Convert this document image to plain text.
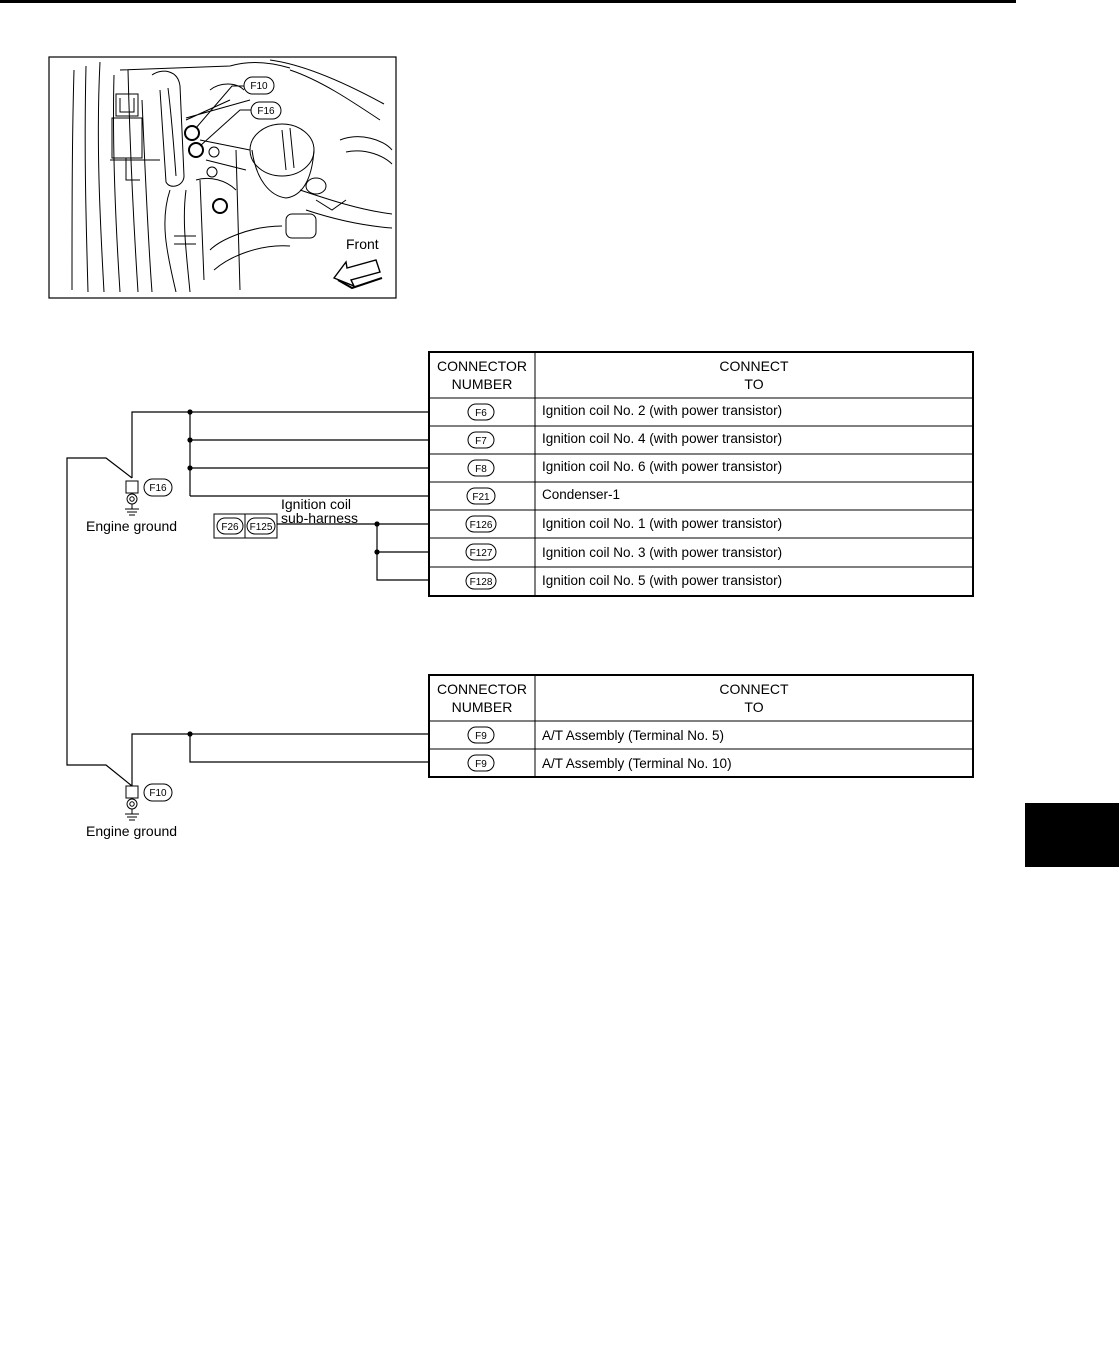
F10
F16
Front
CONNECTOR
NUMBER
CONNECT
TO
F6	Ignition coil No. 2 (with power transistor)
F7	Ignition coil No. 4 (with power transistor)
F8	Ignition coil No. 6 (with power transistor)
F21	Condenser-1
F126	Ignition coil No. 1 (with power transistor)
F127	Ignition coil No. 3 (with power transistor)
F128	Ignition coil No. 5 (with power transistor)
CONNECTOR
NUMBER
CONNECT
TO
F9	A/T Assembly (Terminal No. 5)
F9	A/T Assembly (Terminal No. 10)
F26 F125
Ignition coil
sub-harness
F16
Engine ground
F10
Engine ground
